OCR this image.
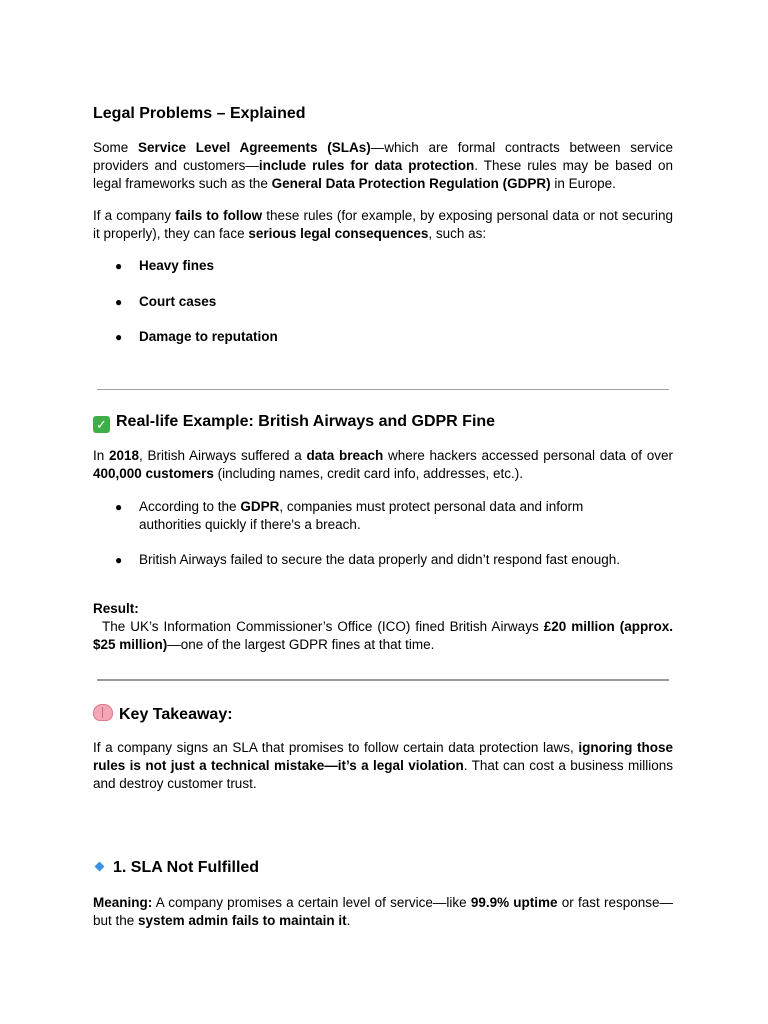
Legal Problems – Explained
Some Service Level Agreements (SLAs)—which are formal contracts between service providers and customers—include rules for data protection. These rules may be based on legal frameworks such as the General Data Protection Regulation (GDPR) in Europe.
If a company fails to follow these rules (for example, by exposing personal data or not securing it properly), they can face serious legal consequences, such as:
● Heavy fines
● Court cases
● Damage to reputation
✓ Real-life Example: British Airways and GDPR Fine
In 2018, British Airways suffered a data breach where hackers accessed personal data of over 400,000 customers (including names, credit card info, addresses, etc.).
● According to the GDPR, companies must protect personal data and inform authorities quickly if there's a breach.
● British Airways failed to secure the data properly and didn’t respond fast enough.
Result:
The UK’s Information Commissioner’s Office (ICO) fined British Airways £20 million (approx. $25 million)—one of the largest GDPR fines at that time.
Key Takeaway:
If a company signs an SLA that promises to follow certain data protection laws, ignoring those rules is not just a technical mistake—it’s a legal violation. That can cost a business millions and destroy customer trust.
1. SLA Not Fulfilled
Meaning: A company promises a certain level of service—like 99.9% uptime or fast response—but the system admin fails to maintain it.
